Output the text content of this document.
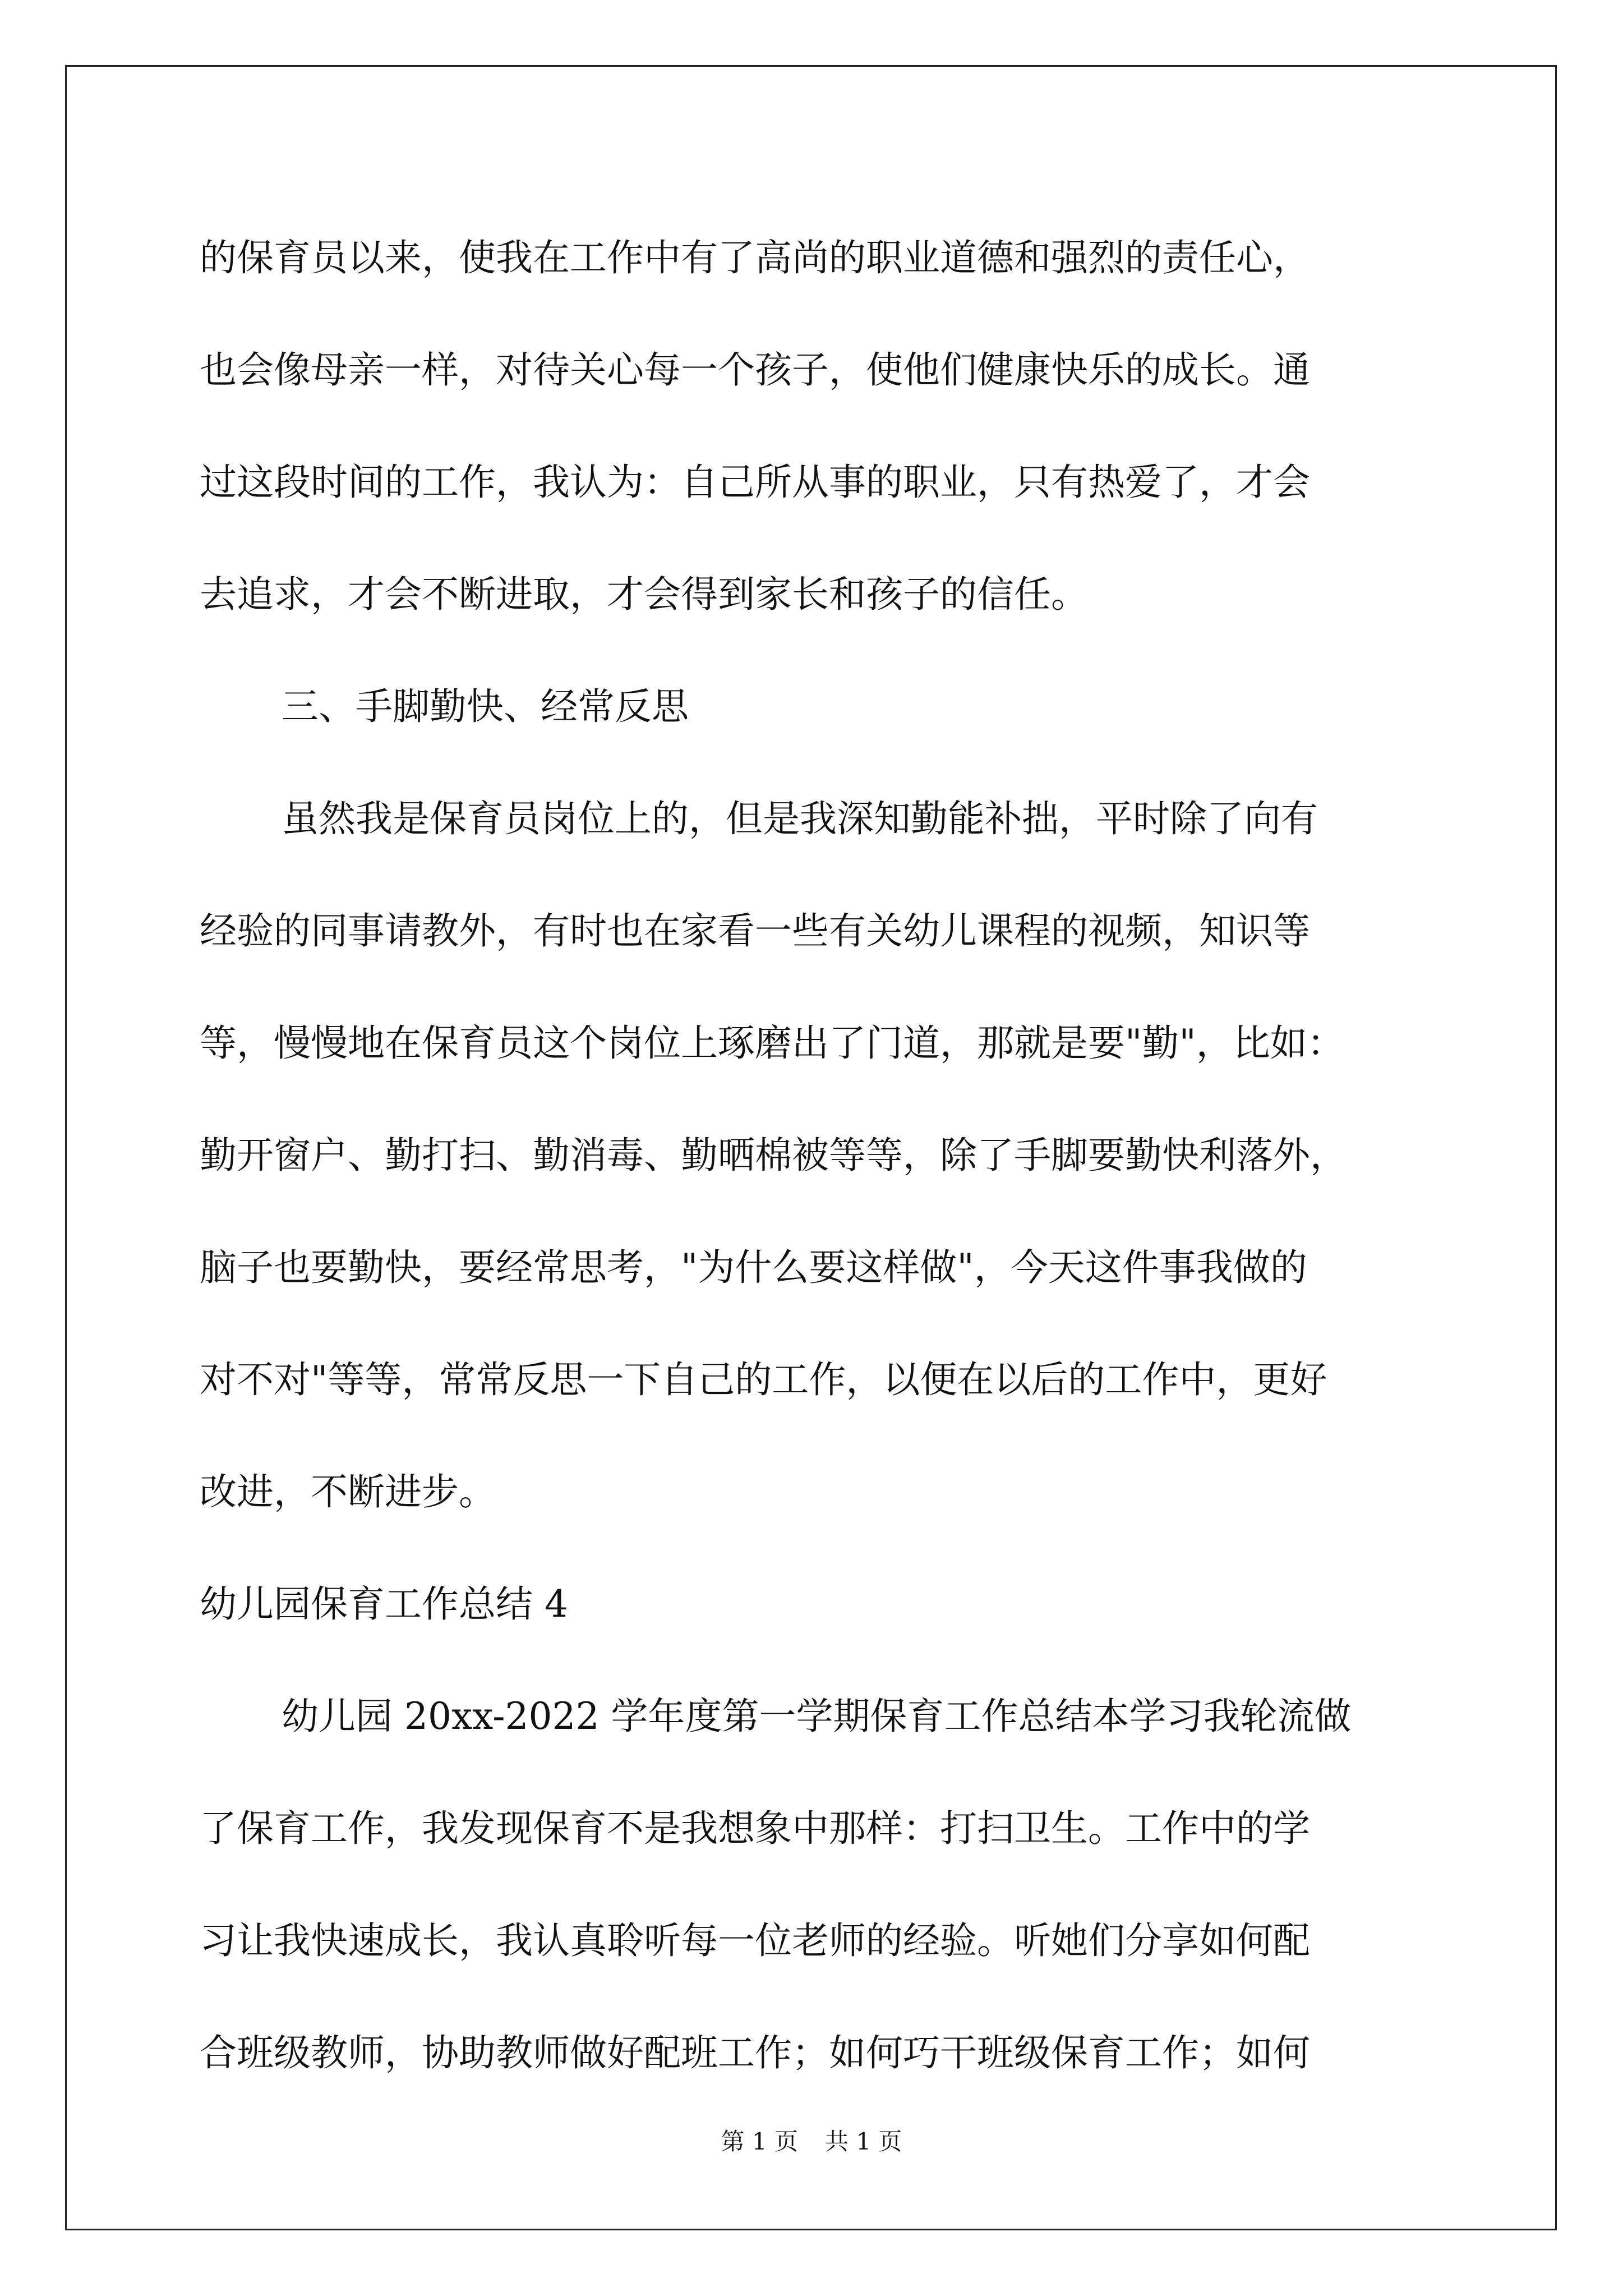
的保育员以来，使我在工作中有了高尚的职业道德和强烈的责任心，
也会像母亲一样，对待关心每一个孩子，使他们健康快乐的成长。通
过这段时间的工作，我认为：自己所从事的职业，只有热爱了，才会
去追求，才会不断进取，才会得到家长和孩子的信任。
三、手脚勤快、经常反思
虽然我是保育员岗位上的，但是我深知勤能补拙，平时除了向有
经验的同事请教外，有时也在家看一些有关幼儿课程的视频，知识等
等，慢慢地在保育员这个岗位上琢磨出了门道，那就是要"勤"，比如：
勤开窗户、勤打扫、勤消毒、勤晒棉被等等，除了手脚要勤快利落外，
脑子也要勤快，要经常思考，"为什么要这样做"，今天这件事我做的
对不对"等等，常常反思一下自己的工作，以便在以后的工作中，更好
改进，不断进步。
幼儿园保育工作总结 4
幼儿园 20xx-2022 学年度第一学期保育工作总结本学习我轮流做
了保育工作，我发现保育不是我想象中那样：打扫卫生。工作中的学
习让我快速成长，我认真聆听每一位老师的经验。听她们分享如何配
合班级教师，协助教师做好配班工作；如何巧干班级保育工作；如何
第 1 页 共 1 页
